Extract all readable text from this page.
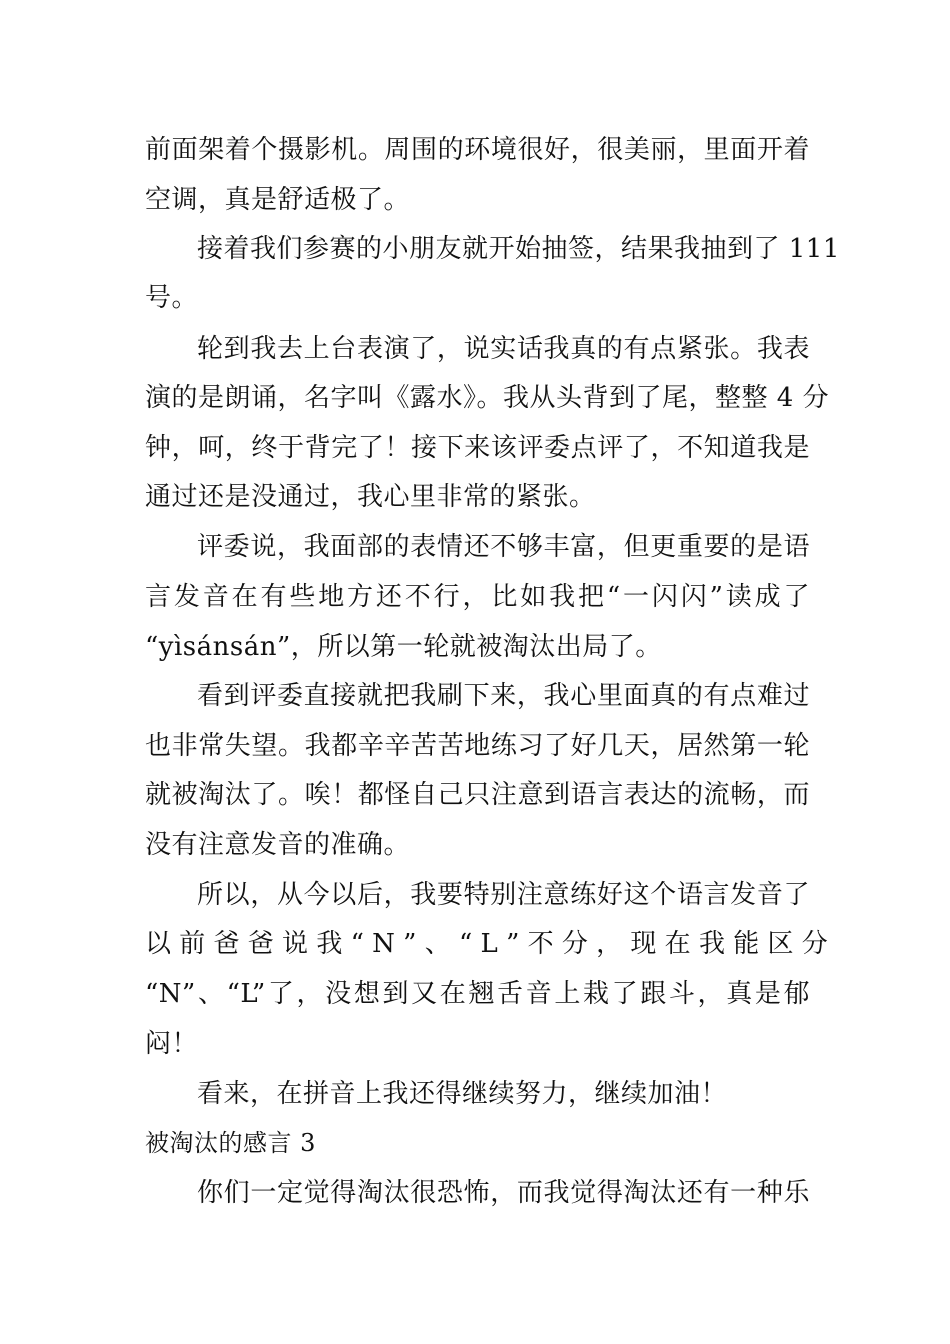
前面架着个摄影机。周围的环境很好，很美丽，里面开着
空调，真是舒适极了。
接着我们参赛的小朋友就开始抽签，结果我抽到了 111
号。
轮到我去上台表演了，说实话我真的有点紧张。我表
演的是朗诵，名字叫《露水》。我从头背到了尾，整整 4 分
钟，呵，终于背完了！接下来该评委点评了，不知道我是
通过还是没通过，我心里非常的紧张。
评委说，我面部的表情还不够丰富，但更重要的是语
言发音在有些地方还不行，比如我把“一闪闪”读成了
“yìsánsán”，所以第一轮就被淘汰出局了。
看到评委直接就把我刷下来，我心里面真的有点难过
也非常失望。我都辛辛苦苦地练习了好几天，居然第一轮
就被淘汰了。唉！都怪自己只注意到语言表达的流畅，而
没有注意发音的准确。
所以，从今以后，我要特别注意练好这个语言发音了
以 前 爸 爸 说 我 “ N ” 、 “ L ” 不 分 ， 现 在 我 能 区 分
“N”、“L”了，没想到又在翘舌音上栽了跟斗，真是郁
闷！
看来，在拼音上我还得继续努力，继续加油！
被淘汰的感言 3
你们一定觉得淘汰很恐怖，而我觉得淘汰还有一种乐
